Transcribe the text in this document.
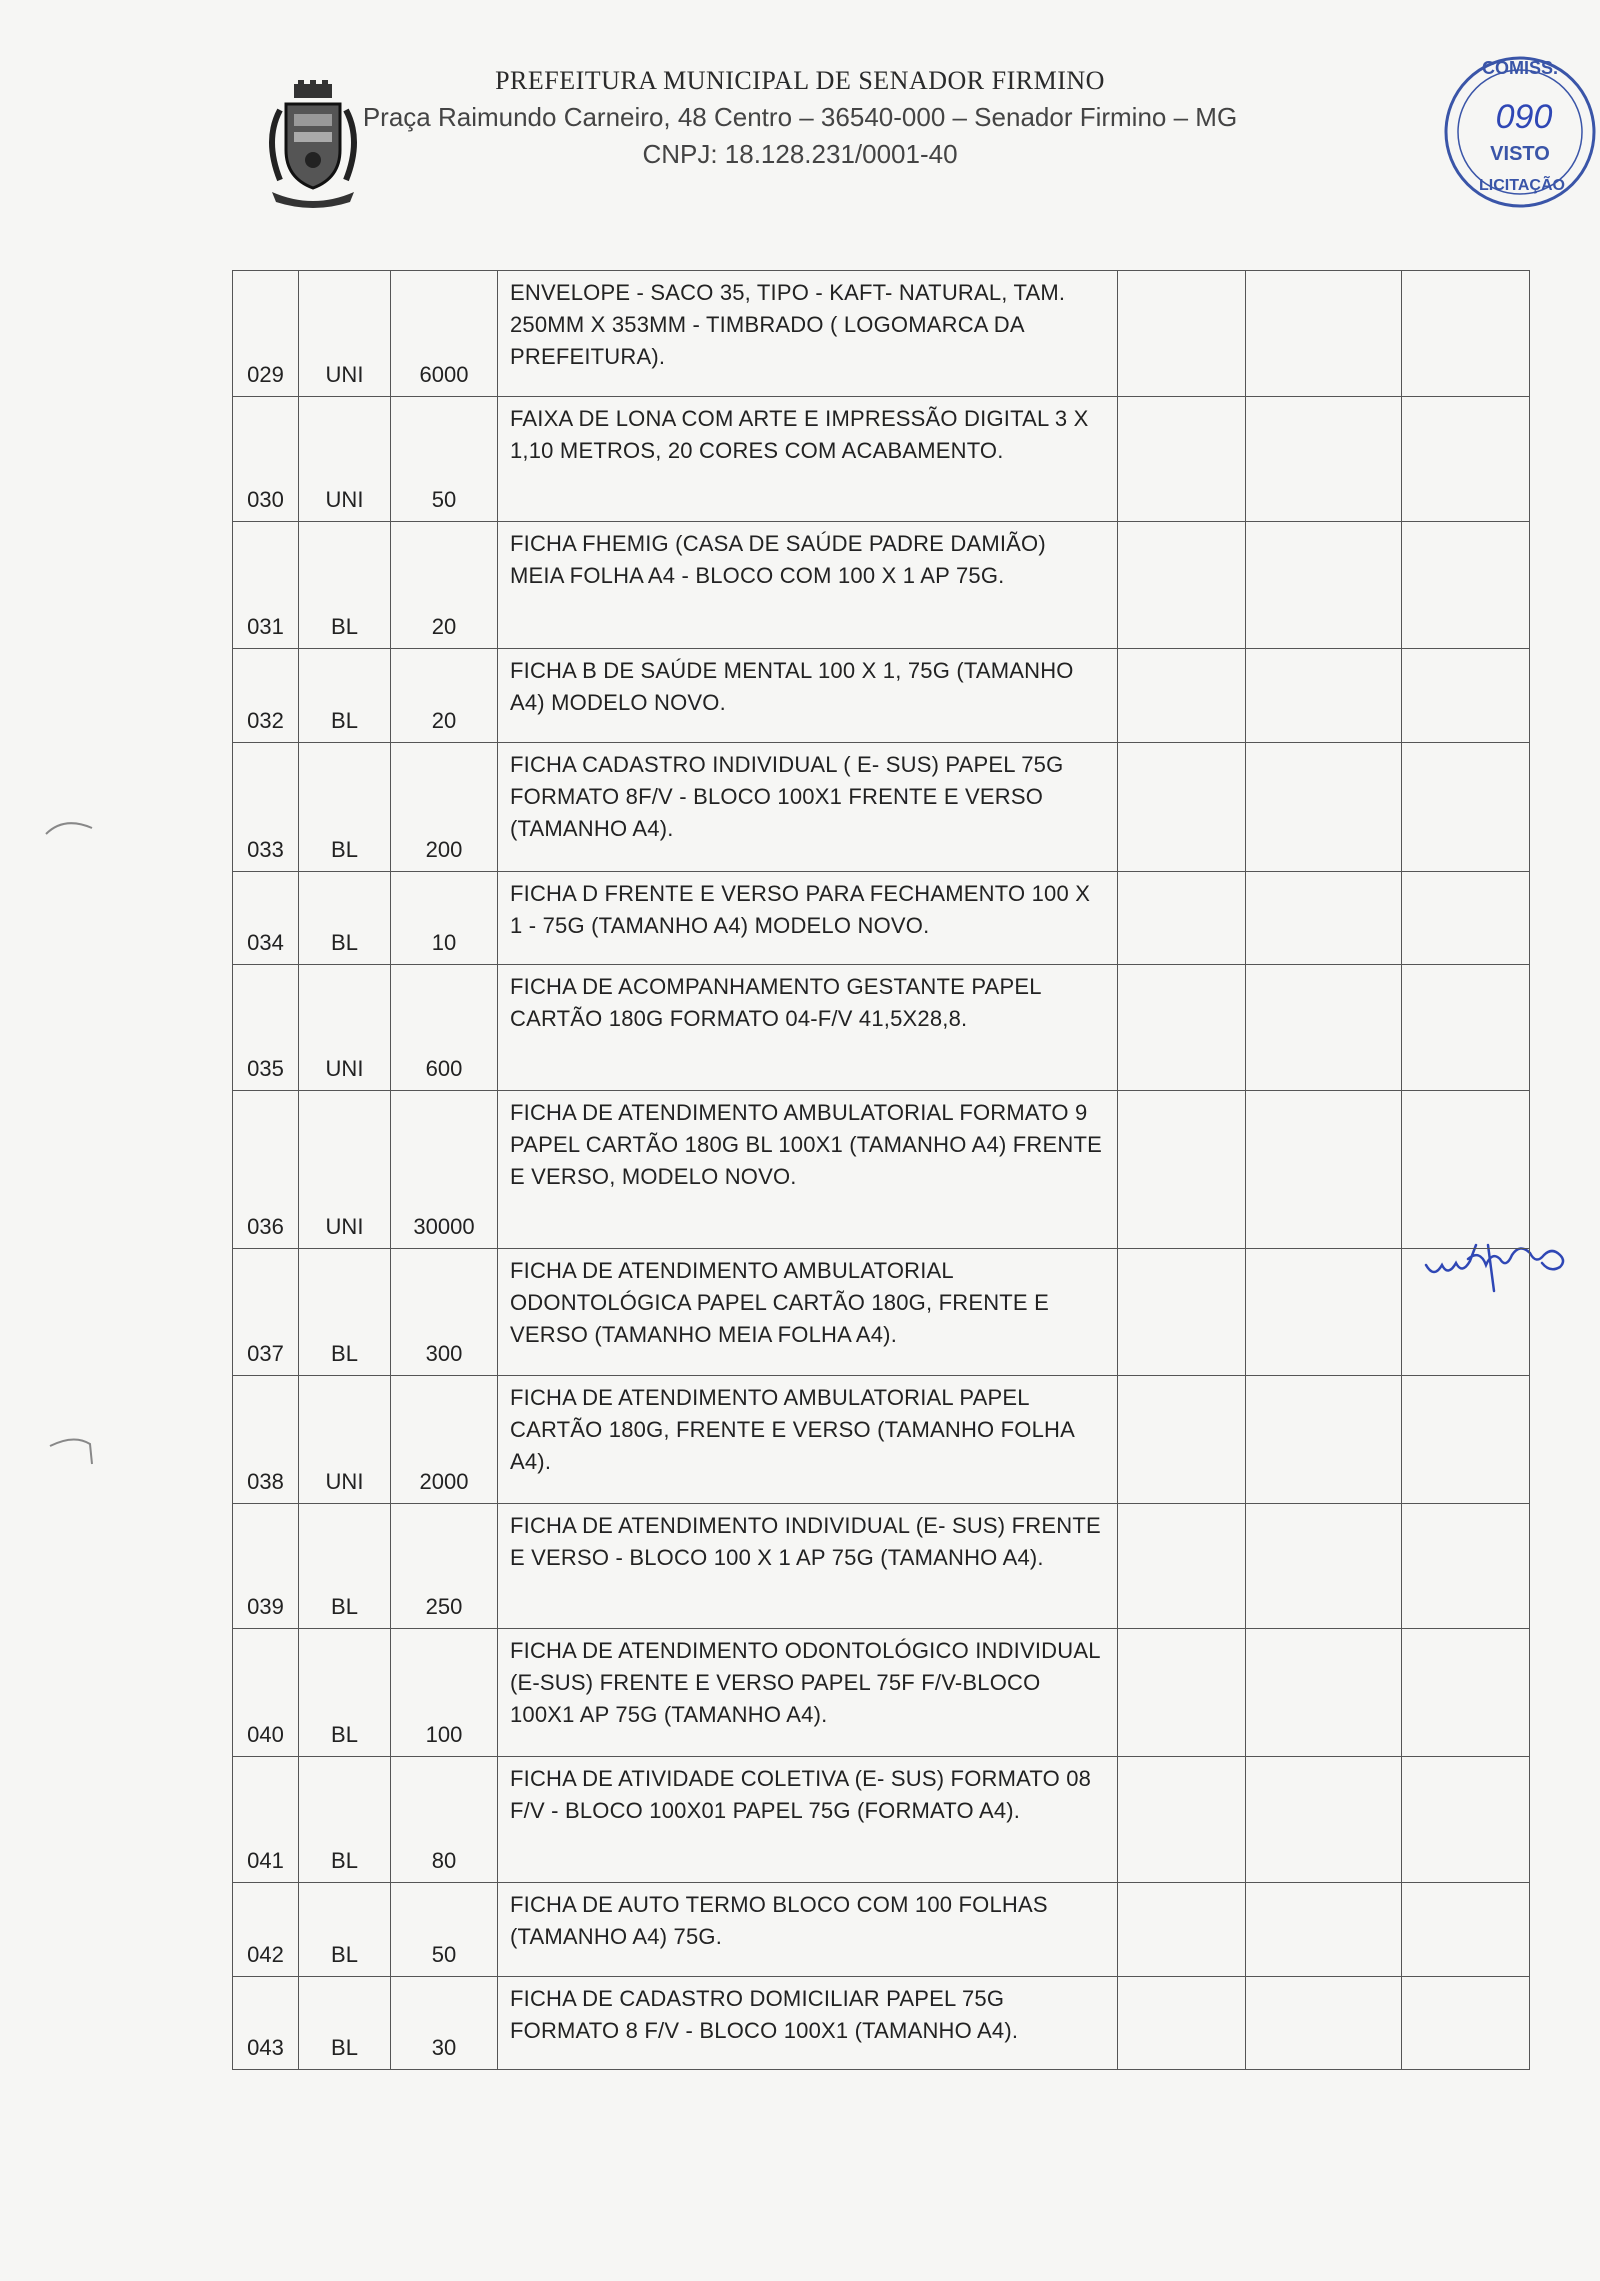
PREFEITURA MUNICIPAL DE SENADOR FIRMINO
Praça Raimundo Carneiro, 48 Centro – 36540-000 – Senador Firmino – MG
CNPJ: 18.128.231/0001-40
COMISS.
090
VISTO
LICITAÇÃO
029	UNI	6000	ENVELOPE - SACO 35, TIPO - KAFT- NATURAL, TAM. 250MM X 353MM - TIMBRADO ( LOGOMARCA DA PREFEITURA).			
030	UNI	50	FAIXA DE LONA COM ARTE E IMPRESSÃO DIGITAL 3 X 1,10 METROS, 20 CORES COM ACABAMENTO.			
031	BL	20	FICHA FHEMIG (CASA DE SAÚDE PADRE DAMIÃO) MEIA FOLHA A4 - BLOCO COM 100 X 1 AP 75G.			
032	BL	20	FICHA B DE SAÚDE MENTAL 100 X 1, 75G (TAMANHO A4) MODELO NOVO.			
033	BL	200	FICHA CADASTRO INDIVIDUAL ( E- SUS) PAPEL 75G FORMATO 8F/V - BLOCO 100X1 FRENTE E VERSO (TAMANHO A4).			
034	BL	10	FICHA D FRENTE E VERSO PARA FECHAMENTO 100 X 1 - 75G (TAMANHO A4) MODELO NOVO.			
035	UNI	600	FICHA DE ACOMPANHAMENTO GESTANTE PAPEL CARTÃO 180G FORMATO 04-F/V 41,5X28,8.			
036	UNI	30000	FICHA DE ATENDIMENTO AMBULATORIAL FORMATO 9 PAPEL CARTÃO 180G BL 100X1 (TAMANHO A4) FRENTE E VERSO, MODELO NOVO.			
037	BL	300	FICHA DE ATENDIMENTO AMBULATORIAL ODONTOLÓGICA PAPEL CARTÃO 180G, FRENTE E VERSO (TAMANHO MEIA FOLHA A4).			
038	UNI	2000	FICHA DE ATENDIMENTO AMBULATORIAL PAPEL CARTÃO 180G, FRENTE E VERSO (TAMANHO FOLHA A4).			
039	BL	250	FICHA DE ATENDIMENTO INDIVIDUAL (E- SUS) FRENTE E VERSO - BLOCO 100 X 1 AP 75G (TAMANHO A4).			
040	BL	100	FICHA DE ATENDIMENTO ODONTOLÓGICO INDIVIDUAL (E-SUS) FRENTE E VERSO PAPEL 75F F/V-BLOCO 100X1 AP 75G (TAMANHO A4).			
041	BL	80	FICHA DE ATIVIDADE COLETIVA (E- SUS) FORMATO 08 F/V - BLOCO 100X01 PAPEL 75G (FORMATO A4).			
042	BL	50	FICHA DE AUTO TERMO BLOCO COM 100 FOLHAS (TAMANHO A4) 75G.			
043	BL	30	FICHA DE CADASTRO DOMICILIAR PAPEL 75G FORMATO 8 F/V - BLOCO 100X1 (TAMANHO A4).			
